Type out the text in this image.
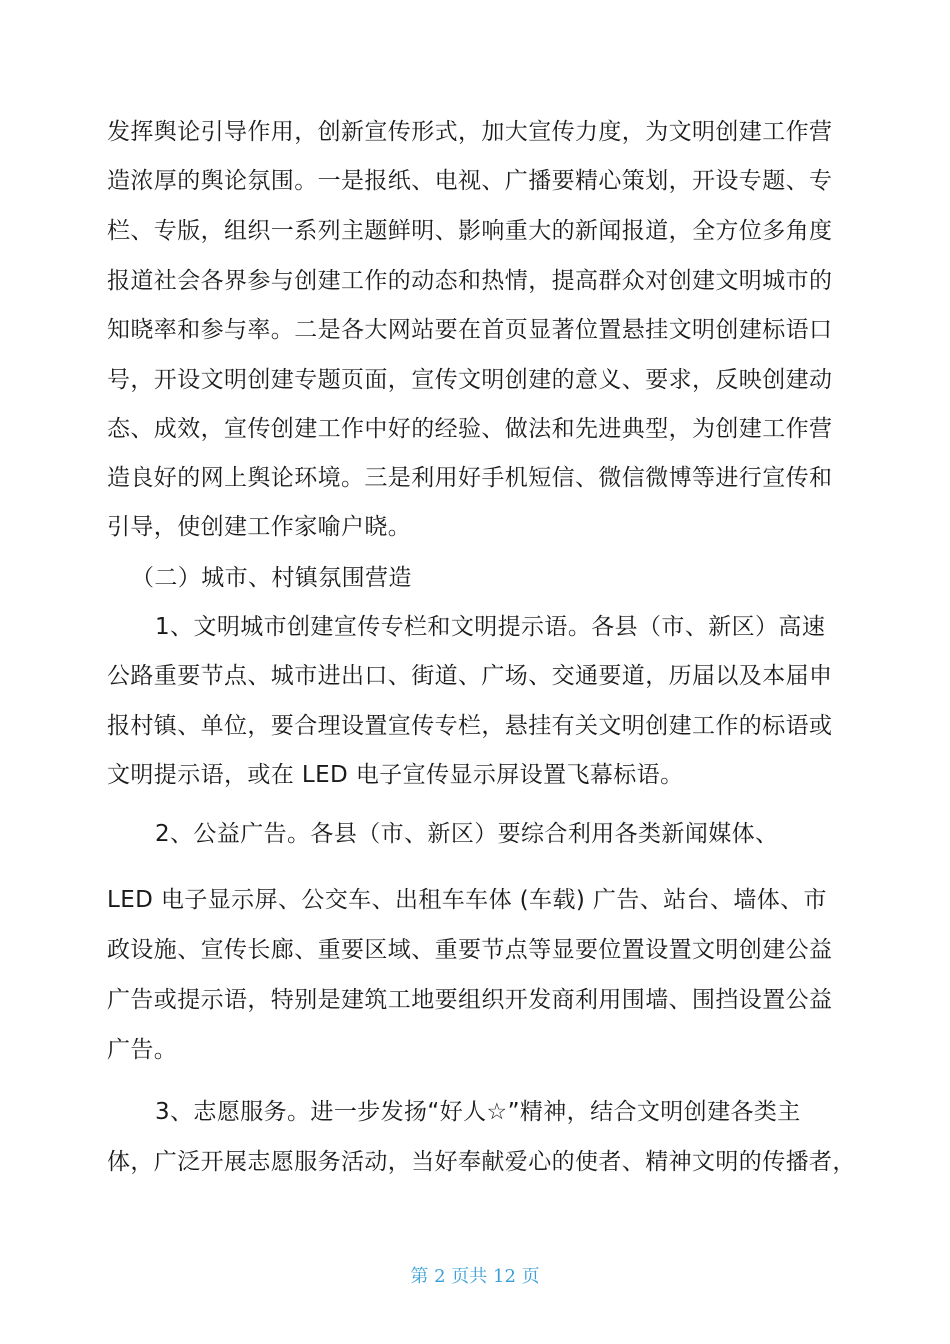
发挥舆论引导作用，创新宣传形式，加大宣传力度，为文明创建工作营
造浓厚的舆论氛围。一是报纸、电视、广播要精心策划，开设专题、专
栏、专版，组织一系列主题鲜明、影响重大的新闻报道，全方位多角度
报道社会各界参与创建工作的动态和热情，提高群众对创建文明城市的
知晓率和参与率。二是各大网站要在首页显著位置悬挂文明创建标语口
号，开设文明创建专题页面，宣传文明创建的意义、要求，反映创建动
态、成效，宣传创建工作中好的经验、做法和先进典型，为创建工作营
造良好的网上舆论环境。三是利用好手机短信、微信微博等进行宣传和
引导，使创建工作家喻户晓。
（二）城市、村镇氛围营造
1、文明城市创建宣传专栏和文明提示语。各县（市、新区）高速
公路重要节点、城市进出口、街道、广场、交通要道，历届以及本届申
报村镇、单位，要合理设置宣传专栏，悬挂有关文明创建工作的标语或
文明提示语，或在 LED 电子宣传显示屏设置飞幕标语。
2、公益广告。各县（市、新区）要综合利用各类新闻媒体、
LED 电子显示屏、公交车、出租车车体 (车载) 广告、站台、墙体、市
政设施、宣传长廊、重要区域、重要节点等显要位置设置文明创建公益
广告或提示语，特别是建筑工地要组织开发商利用围墙、围挡设置公益
广告。
3、志愿服务。进一步发扬“好人☆”精神，结合文明创建各类主
体，广泛开展志愿服务活动，当好奉献爱心的使者、精神文明的传播者，
第 2 页共 12 页
